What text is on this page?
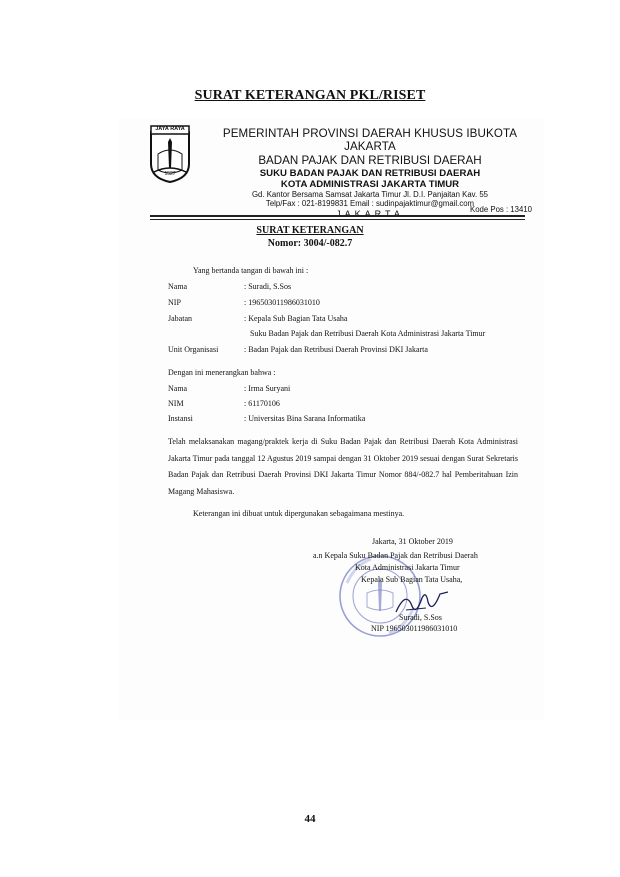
SURAT KETERANGAN PKL/RISET
1527
JAYA RAYA	PEMERINTAH PROVINSI DAERAH KHUSUS IBUKOTA JAKARTA
BADAN PAJAK DAN RETRIBUSI DAERAH
SUKU BADAN PAJAK DAN RETRIBUSI DAERAH
KOTA ADMINISTRASI JAKARTA TIMUR
Gd. Kantor Bersama Samsat Jakarta Timur Jl. D.I. Panjaitan Kav. 55
Telp/Fax : 021-8199831 Email : sudinpajaktimur@gmail.com
JAKARTA	Kode Pos : 13410
SURAT KETERANGAN
Nomor: 3004/-082.7
Yang bertanda tangan di bawah ini :
Nama	: Suradi, S.Sos
NIP	: 196503011986031010
Jabatan	: Kepala Sub Bagian Tata Usaha
Suku Badan Pajak dan Retribusi Daerah Kota Administrasi Jakarta Timur
Unit Organisasi	: Badan Pajak dan Retribusi Daerah Provinsi DKI Jakarta
Dengan ini menerangkan bahwa :
Nama	: Irma Suryani
NIM	: 61170106
Instansi	: Universitas Bina Sarana Informatika
Telah melaksanakan magang/praktek kerja di Suku Badan Pajak dan Retribusi Daerah Kota Administrasi Jakarta Timur pada tanggal 12 Agustus 2019 sampai dengan 31 Oktober 2019 sesuai dengan Surat Sekretaris Badan Pajak dan Retribusi Daerah Provinsi DKI Jakarta Timur Nomor 884/-082.7 hal Pemberitahuan Izin Magang Mahasiswa.
Keterangan ini dibuat untuk dipergunakan sebagaimana mestinya.
Jakarta, 31 Oktober 2019
a.n Kepala Suku Badan Pajak dan Retribusi Daerah
Kota Administrasi Jakarta Timur
Kepala Sub Bagian Tata Usaha,
Suradi, S.Sos
NIP 196503011986031010
44
